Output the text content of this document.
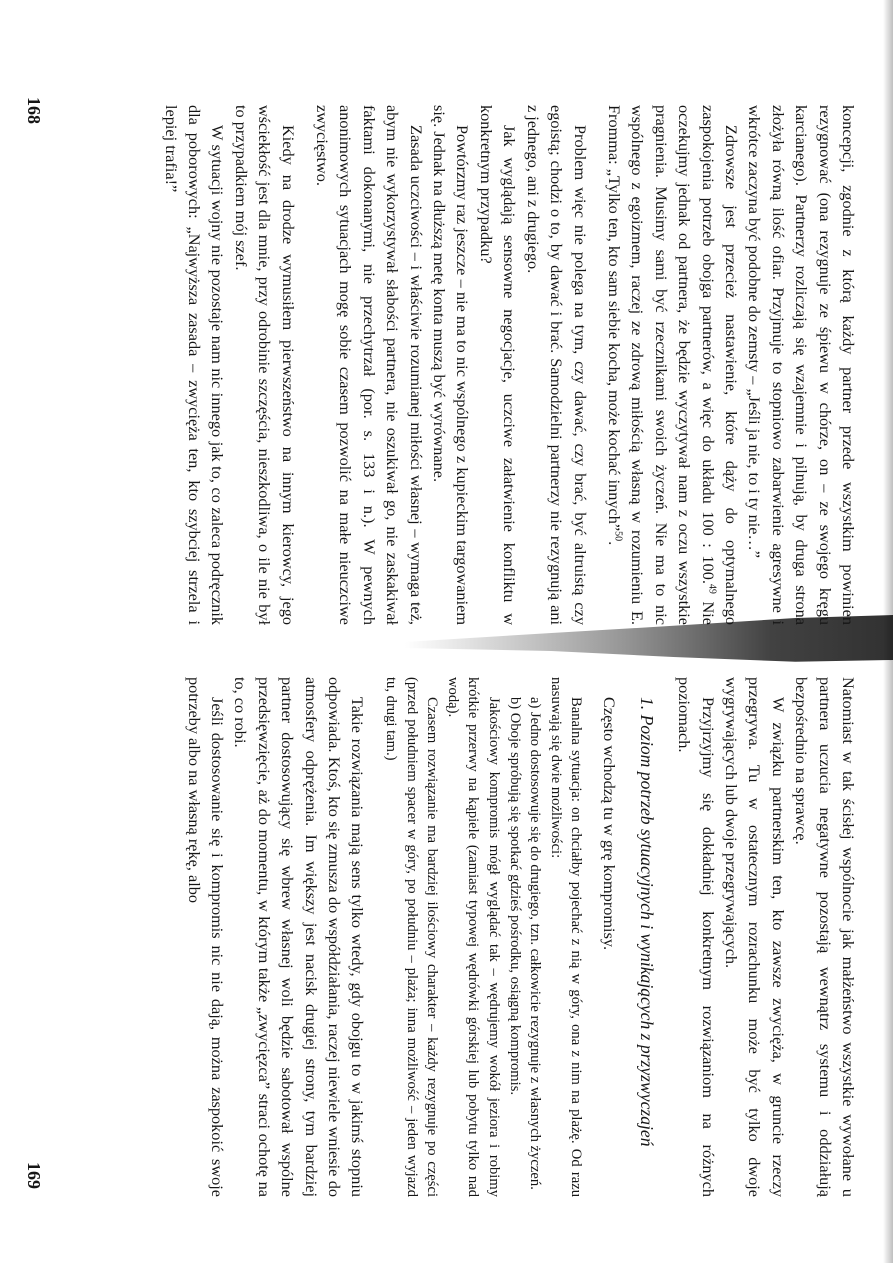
koncepcji, zgodnie z którą każdy partner przede wszystkim powinien rezygnować (ona rezygnuje ze śpiewu w chórze, on – ze swojego kręgu karcianego). Partnerzy rozliczają się wzajemnie i pilnują, by druga strona złożyła równą ilość ofiar. Przyjmuje to stopniowo zabarwienie agresywne i wkrótce zaczyna być podobne do zemsty – „Jeśli ja nie, to i ty nie…”

Zdrowsze jest przecież nastawienie, które dąży do optymalnego zaspokojenia potrzeb obojga partnerów, a więc do układu 100 : 100.49 Nie oczekujmy jednak od partnera, że będzie wyczytywał nam z oczu wszystkie pragnienia. Musimy sami być rzecznikami swoich życzeń. Nie ma to nic wspólnego z egoizmem, raczej ze zdrową miłością własną w rozumieniu E. Fromma: „Tylko ten, kto sam siebie kocha, może kochać innych”$^{50}$.

Problem więc nie polega na tym, czy dawać, czy brać, być altruistą czy egoistą; chodzi o to, by dawać i brać. Samodzielni partnerzy nie rezygnują ani z jednego, ani z drugiego.

Jak wyglądają sensowne negocjacje, uczciwe załatwienie konfliktu w konkretnym przypadku?

Powtórzmy raz jeszcze – nie ma to nic wspólnego z kupieckim targowaniem się. Jednak na dłuższą metę konta muszą być wyrównane.

Zasada uczciwości – i właściwie rozumianej miłości własnej – wymaga też, abym nie wykorzystywał słabości partnera, nie oszukiwał go, nie zaskakiwał faktami dokonanymi, nie przechytrzał (por. s. 133 i n.). W pewnych anonimowych sytuacjach mogę sobie czasem pozwolić na małe nieuczciwe zwycięstwo.

Kiedy na drodze wymusiłem pierwszeństwo na innym kierowcy, jego wściekłość jest dla mnie, przy odrobinie szczęścia, nieszkodliwa, o ile nie był to przypadkiem mój szef.

W sytuacji wojny nie pozostaje nam nic innego jak to, co zaleca podręcznik dla poborowych: „Najwyższa zasada – zwycięża ten, kto szybciej strzela i lepiej trafia!”

Natomiast w tak ścisłej wspólnocie jak małżeństwo wszystkie wywołane u partnera uczucia negatywne pozostają wewnątrz systemu i oddziałują bezpośrednio na sprawcę.

W związku partnerskim ten, kto zawsze zwycięża, w gruncie rzeczy przegrywa. Tu w ostatecznym rozrachunku może być tylko dwoje wygrywających lub dwoje przegrywających.

Przyjrzyjmy się dokładniej konkretnym rozwiązaniom na różnych poziomach.

1. Poziom potrzeb sytuacyjnych i wynikających z przyzwyczajeń

Często wchodzą tu w grę kompromisy.

Banalna sytuacja: on chciałby pojechać z nią w góry, ona z nim na plażę. Od razu nasuwają się dwie możliwości:

a) Jedno dostosowuje się do drugiego, tzn. całkowicie rezygnuje z własnych życzeń.

b) Oboje spróbują się spotkać gdzieś pośrodku, osiągną kompromis.

Jakościowy kompromis mógł wyglądać tak – wędrujemy wokół jeziora i robimy krótkie przerwy na kąpiele (zamiast typowej wędrówki górskiej lub pobytu tylko nad wodą).

Czasem rozwiązanie ma bardziej ilościowy charakter – każdy rezygnuje po części (przed południem spacer w góry, po południu – plaża; inna możliwość – jeden wyjazd tu, drugi tam.)

Takie rozwiązania mają sens tylko wtedy, gdy obojgu to w jakimś stopniu odpowiada. Ktoś, kto się zmusza do współdziałania, raczej niewiele wniesie do atmosfery odprężenia. Im większy jest nacisk drugiej strony, tym bardziej partner dostosowujący się wbrew własnej woli będzie sabotował wspólne przedsięwzięcie, aż do momentu, w którym także „zwycięzca” straci ochotę na to, co robi.

Jeśli dostosowanie się i kompromis nic nie dają, można zaspokoić swoje potrzeby albo na własną rękę, albo

168
169
